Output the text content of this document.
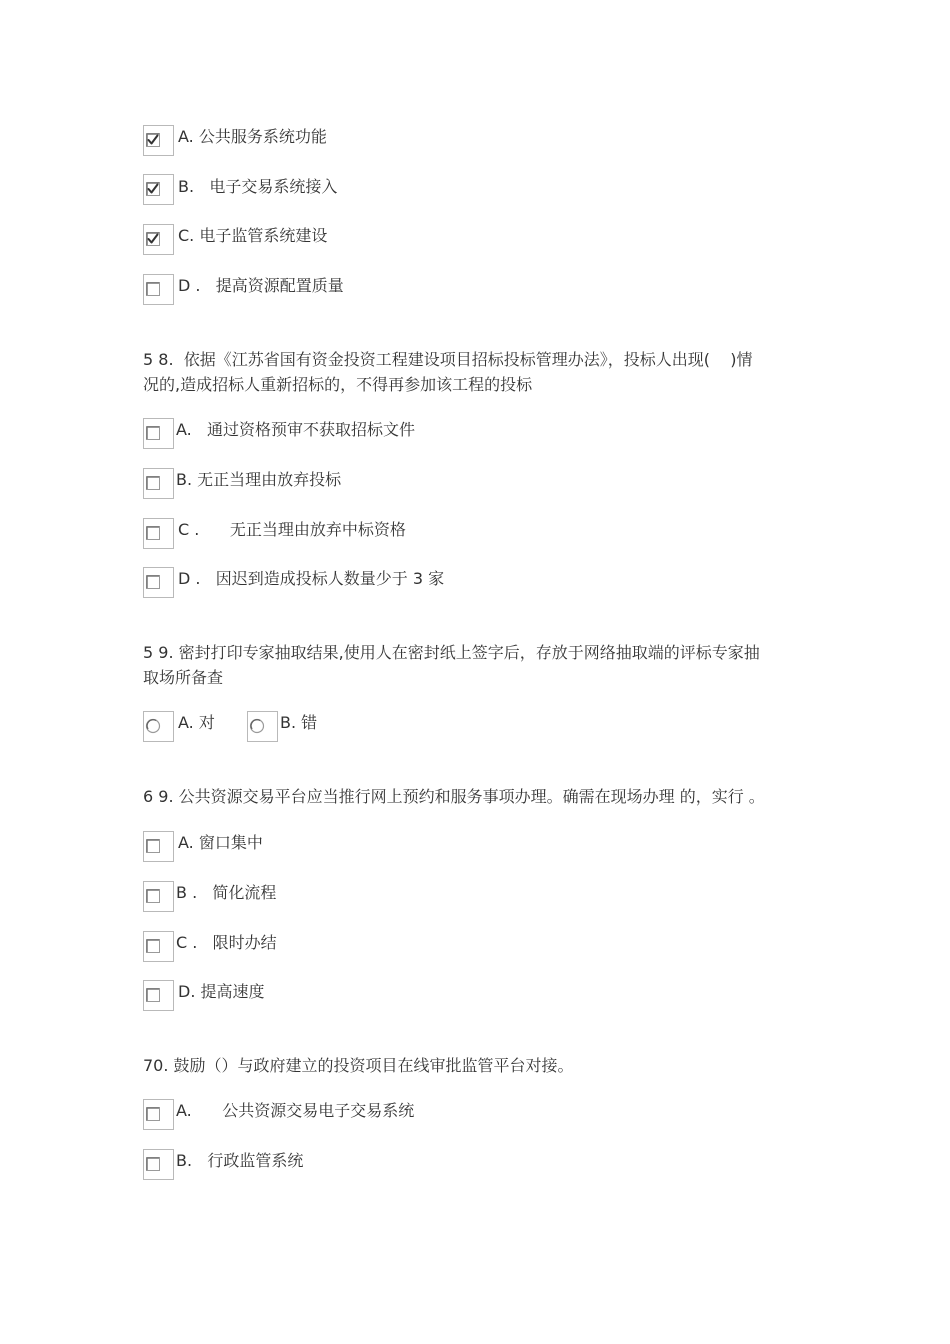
A. 公共服务系统功能
B.   电子交易系统接入
C. 电子监管系统建设
D .   提高资源配置质量
5 8.  依据《江苏省国有资金投资工程建设项目招标投标管理办法》，投标人出现(    )情
况的,造成招标人重新招标的，不得再参加该工程的投标
A.   通过资格预审不获取招标文件
B. 无正当理由放弃投标
C .      无正当理由放弃中标资格
D .   因迟到造成投标人数量少于 3 家
5 9. 密封打印专家抽取结果,使用人在密封纸上签字后，存放于网络抽取端的评标专家抽
取场所备查
A. 对	B. 错
6 9. 公共资源交易平台应当推行网上预约和服务事项办理。确需在现场办理 的，实行 。
A. 窗口集中
B .   简化流程
C .   限时办结
D. 提高速度
70. 鼓励（）与政府建立的投资项目在线审批监管平台对接。
A.      公共资源交易电子交易系统
B.   行政监管系统
